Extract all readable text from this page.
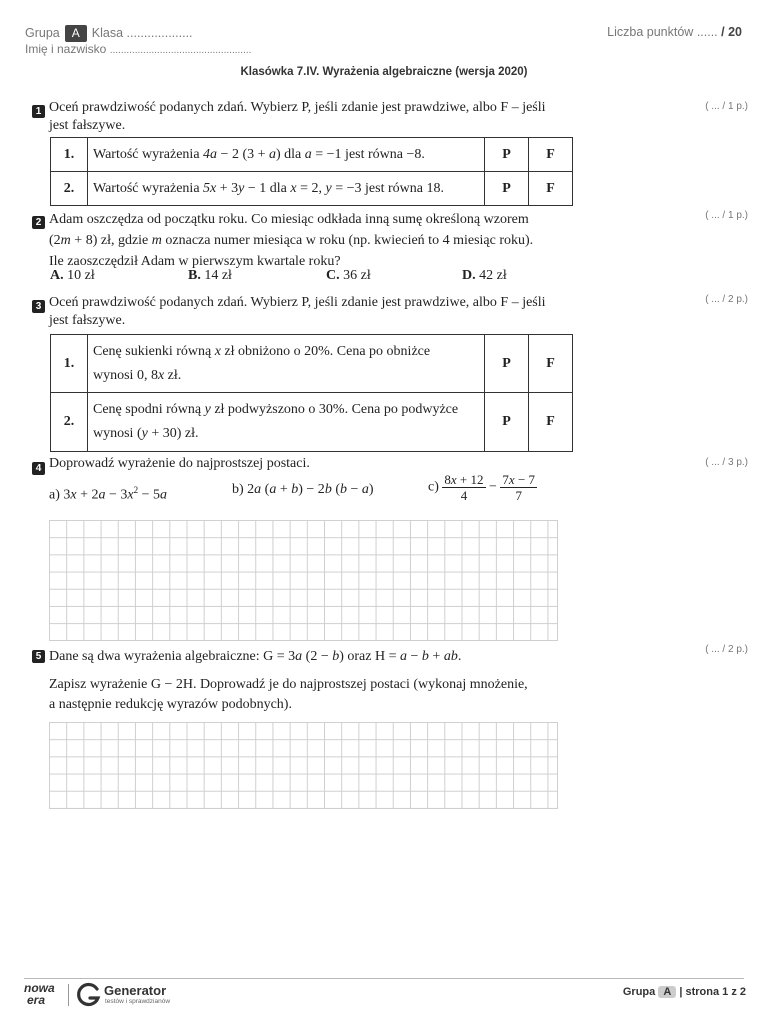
Grupa A Klasa ...................
Imię i nazwisko ...................................................
Liczba punktów ...... / 20
Klasówka 7.IV. Wyrażenia algebraiczne (wersja 2020)
1 Oceń prawdziwość podanych zdań. Wybierz P, jeśli zdanie jest prawdziwe, albo F – jeśli
jest fałszywe.
( ... / 1 p.)
1.	Wartość wyrażenia 4a − 2 (3 + a) dla a = −1 jest równa −8.	P	F
2.	Wartość wyrażenia 5x + 3y − 1 dla x = 2, y = −3 jest równa 18.	P	F
2 Adam oszczędza od początku roku. Co miesiąc odkłada inną sumę określoną wzorem
(2m + 8) zł, gdzie m oznacza numer miesiąca w roku (np. kwiecień to 4 miesiąc roku).
Ile zaoszczędził Adam w pierwszym kwartale roku?
( ... / 1 p.)
A. 10 zł	B. 14 zł	C. 36 zł	D. 42 zł
3 Oceń prawdziwość podanych zdań. Wybierz P, jeśli zdanie jest prawdziwe, albo F – jeśli
jest fałszywe.
( ... / 2 p.)
1.	Cenę sukienki równą x zł obniżono o 20%. Cena po obniżce
wynosi 0, 8x zł.	P	F
2.	Cenę spodni równą y zł podwyższono o 30%. Cena po podwyżce
wynosi (y + 30) zł.	P	F
4 Doprowadź wyrażenie do najprostszej postaci.	( ... / 3 p.)
a) $3x + 2a - 3x^2 - 5a$	b) 2a (a + b) − 2b (b − a)	$c) \frac{8x + 12}{4} - \frac{7x - 7}{7}$
5 Dane są dwa wyrażenia algebraiczne: G = 3a (2 − b) oraz H = a − b + ab.	( ... / 2 p.)
Zapisz wyrażenie G − 2H. Doprowadź je do najprostszej postaci (wykonaj mnożenie,
a następnie redukcję wyrazów podobnych).
nowa
era
Generator
testów i sprawdzianów
Grupa A | strona 1 z 2
